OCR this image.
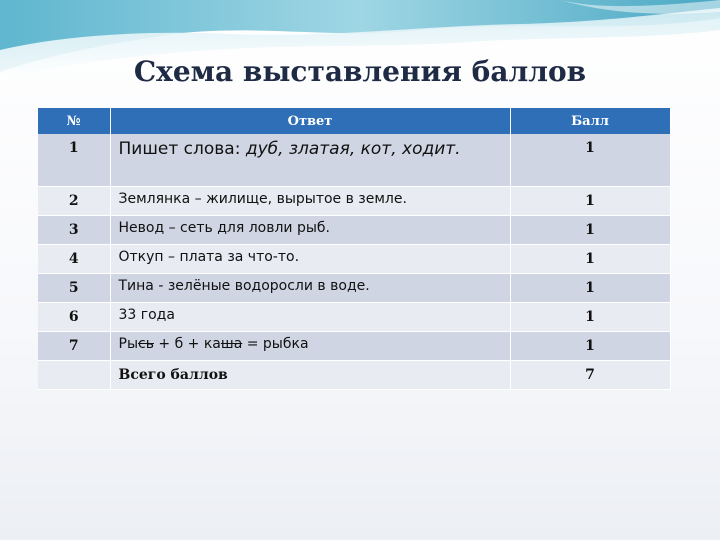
Схема выставления баллов
№	Ответ	Балл
1	Пишет слова: дуб, златая, кот, ходит.	1
2	Землянка – жилище, вырытое в земле.	1
3	Невод – сеть для ловли рыб.	1
4	Откуп – плата за что-то.	1
5	Тина - зелёные водоросли в воде.	1
6	33 года	1
7	Рысь + б + каша = рыбка	1
	Всего баллов	7
